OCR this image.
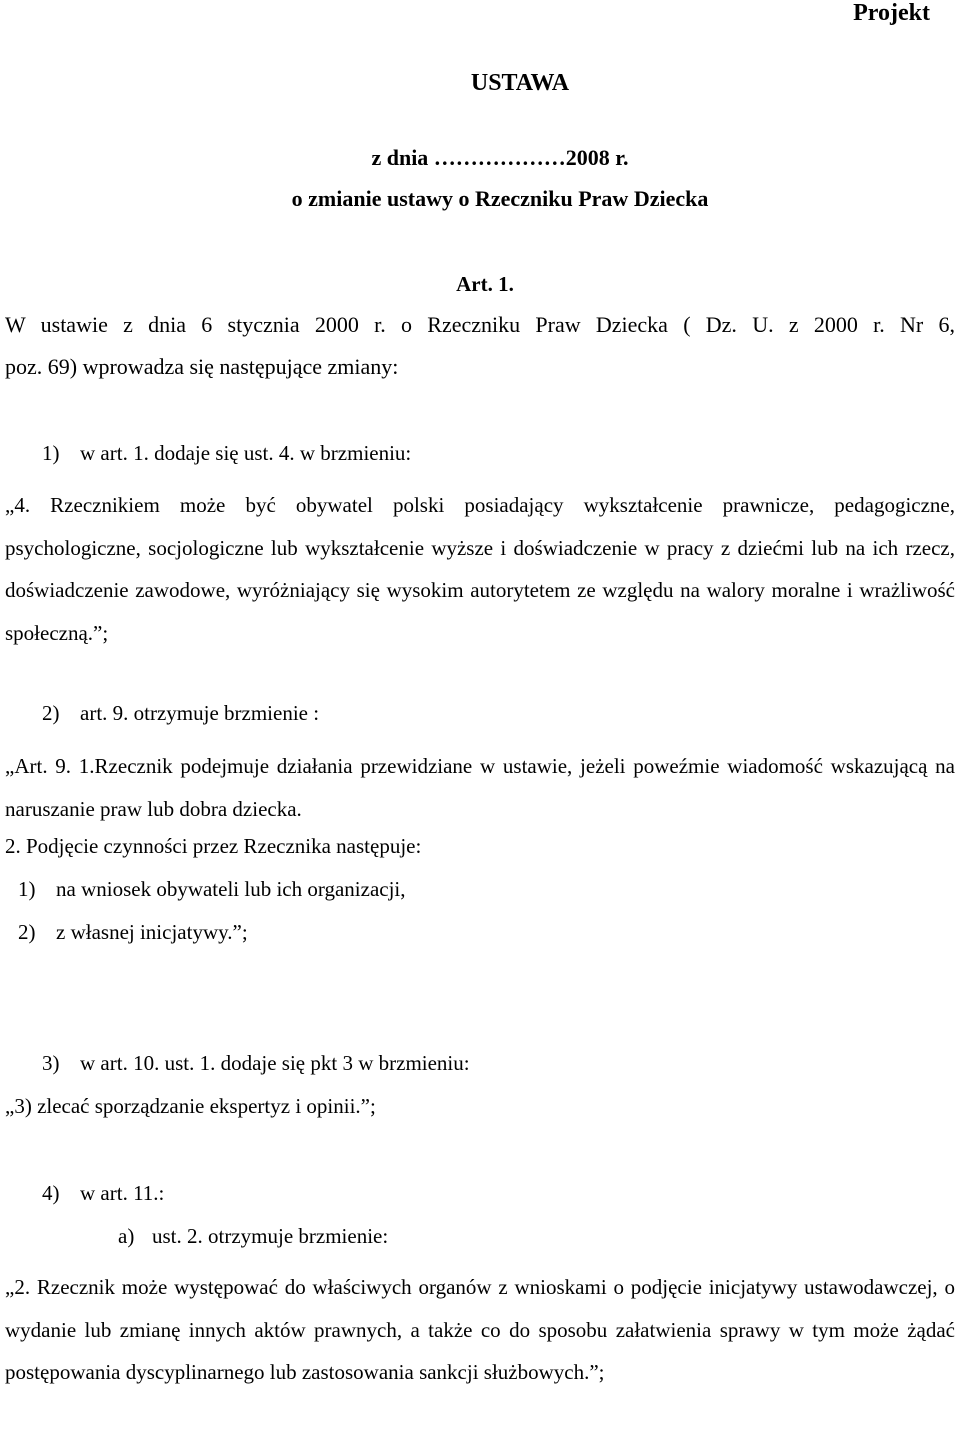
Projekt
USTAWA
z dnia ………………2008 r.
o zmianie ustawy o Rzeczniku Praw Dziecka
Art. 1.
W ustawie z dnia 6 stycznia 2000 r. o Rzeczniku Praw Dziecka ( Dz. U. z 2000 r. Nr 6,
poz. 69) wprowadza się następujące zmiany:
1) w art. 1. dodaje się ust. 4. w brzmieniu:
„4. Rzecznikiem może być obywatel polski posiadający wykształcenie prawnicze, pedagogiczne, psychologiczne, socjologiczne lub wykształcenie wyższe i doświadczenie w pracy z dziećmi lub na ich rzecz, doświadczenie zawodowe, wyróżniający się wysokim autorytetem ze względu na walory moralne i wrażliwość społeczną.”;
2) art. 9. otrzymuje brzmienie :
„Art. 9. 1.Rzecznik podejmuje działania przewidziane w ustawie, jeżeli poweźmie wiadomość wskazującą na naruszanie praw lub dobra dziecka.
2. Podjęcie czynności przez Rzecznika następuje:
1) na wniosek obywateli lub ich organizacji,
2) z własnej inicjatywy.”;
3) w art. 10. ust. 1. dodaje się pkt 3 w brzmieniu:
„3) zlecać sporządzanie ekspertyz i opinii.”;
4) w art. 11.:
a) ust. 2. otrzymuje brzmienie:
„2. Rzecznik może występować do właściwych organów z wnioskami o podjęcie inicjatywy ustawodawczej, o wydanie lub zmianę innych aktów prawnych, a także co do sposobu załatwienia sprawy w tym może żądać postępowania dyscyplinarnego lub zastosowania sankcji służbowych.”;
